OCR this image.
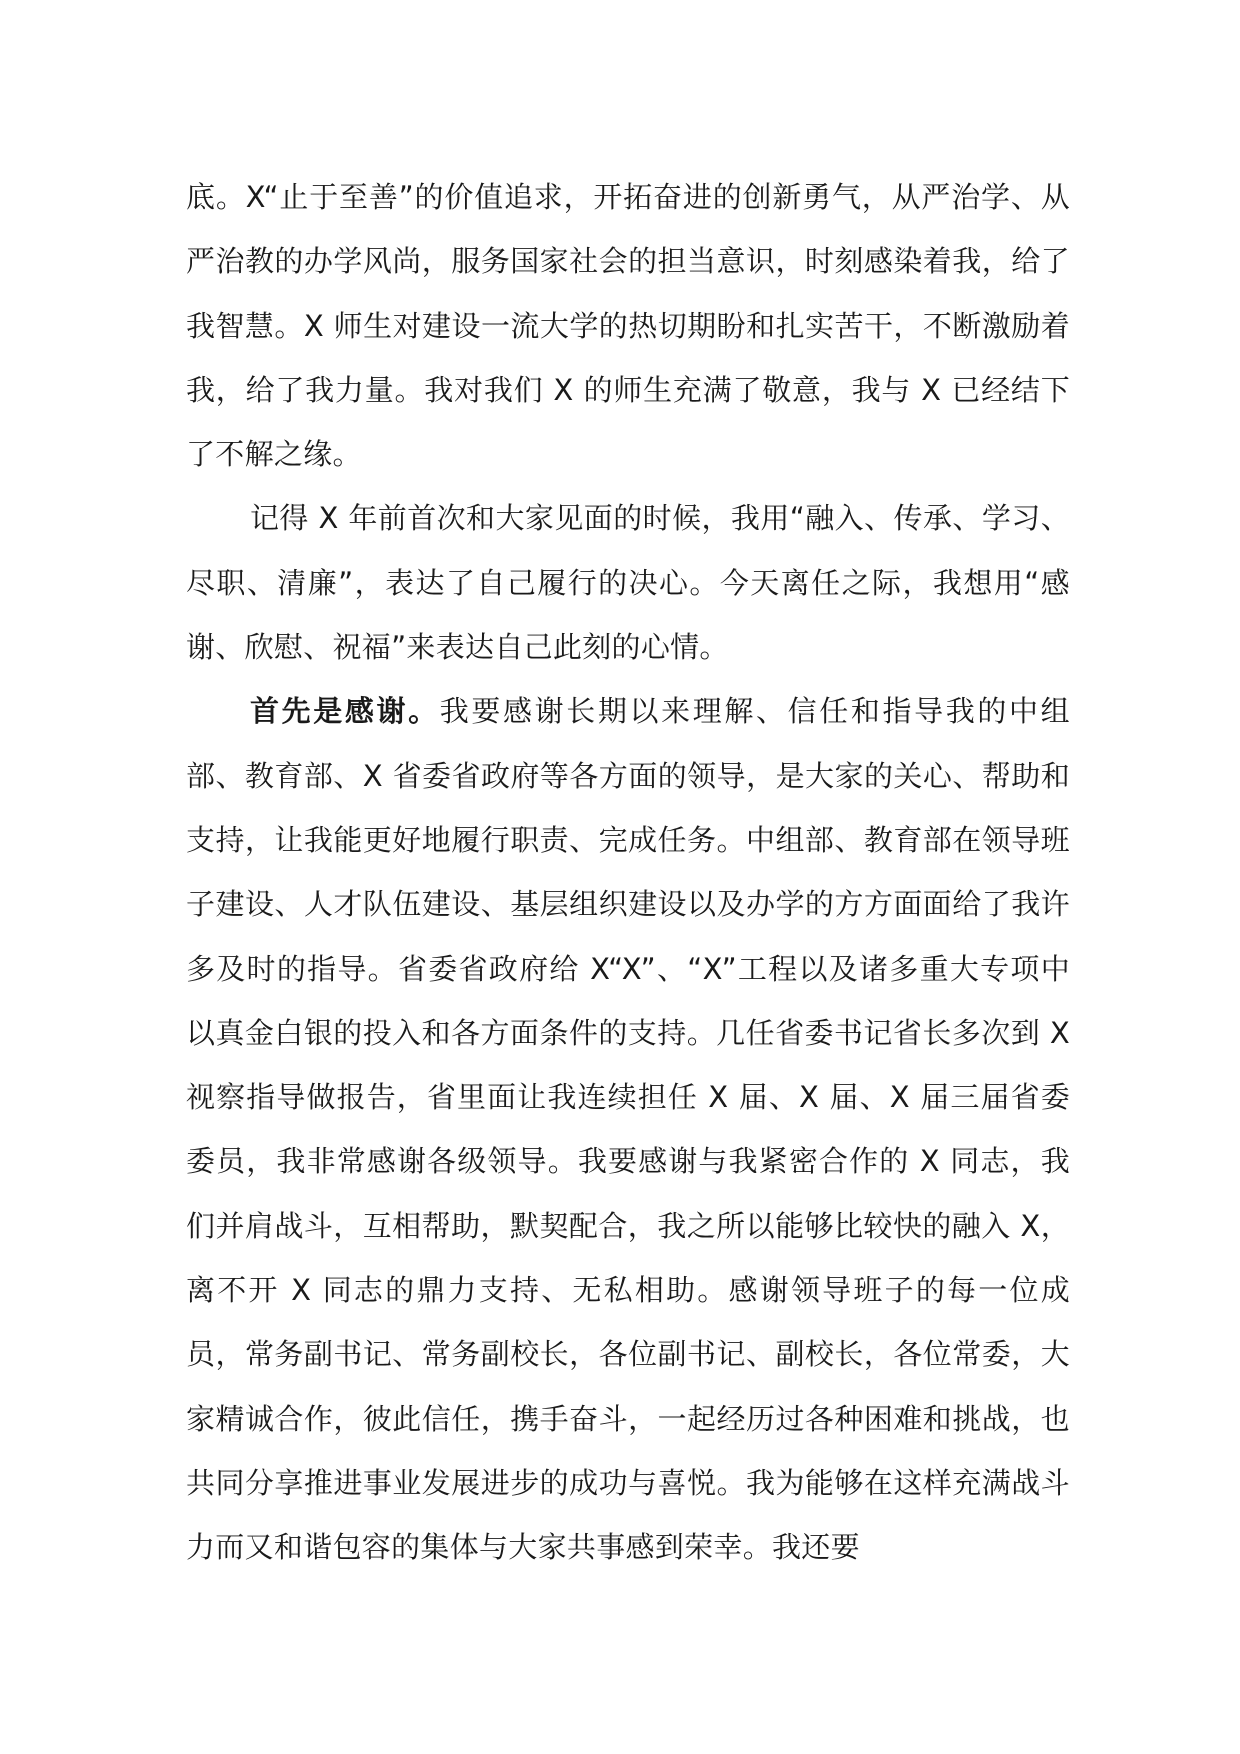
底。X“止于至善”的价值追求，开拓奋进的创新勇气，从严治学、从严治教的办学风尚，服务国家社会的担当意识，时刻感染着我，给了我智慧。X 师生对建设一流大学的热切期盼和扎实苦干，不断激励着我，给了我力量。我对我们 X 的师生充满了敬意，我与 X 已经结下了不解之缘。

记得 X 年前首次和大家见面的时候，我用“融入、传承、学习、尽职、清廉”，表达了自己履行的决心。今天离任之际，我想用“感谢、欣慰、祝福”来表达自己此刻的心情。

首先是感谢。我要感谢长期以来理解、信任和指导我的中组部、教育部、X 省委省政府等各方面的领导，是大家的关心、帮助和支持，让我能更好地履行职责、完成任务。中组部、教育部在领导班子建设、人才队伍建设、基层组织建设以及办学的方方面面给了我许多及时的指导。省委省政府给 X“X”、“X”工程以及诸多重大专项中以真金白银的投入和各方面条件的支持。几任省委书记省长多次到 X 视察指导做报告，省里面让我连续担任 X 届、X 届、X 届三届省委委员，我非常感谢各级领导。我要感谢与我紧密合作的 X 同志，我们并肩战斗，互相帮助，默契配合，我之所以能够比较快的融入 X，离不开 X 同志的鼎力支持、无私相助。感谢领导班子的每一位成员，常务副书记、常务副校长，各位副书记、副校长，各位常委，大家精诚合作，彼此信任，携手奋斗，一起经历过各种困难和挑战，也共同分享推进事业发展进步的成功与喜悦。我为能够在这样充满战斗力而又和谐包容的集体与大家共事感到荣幸。我还要
